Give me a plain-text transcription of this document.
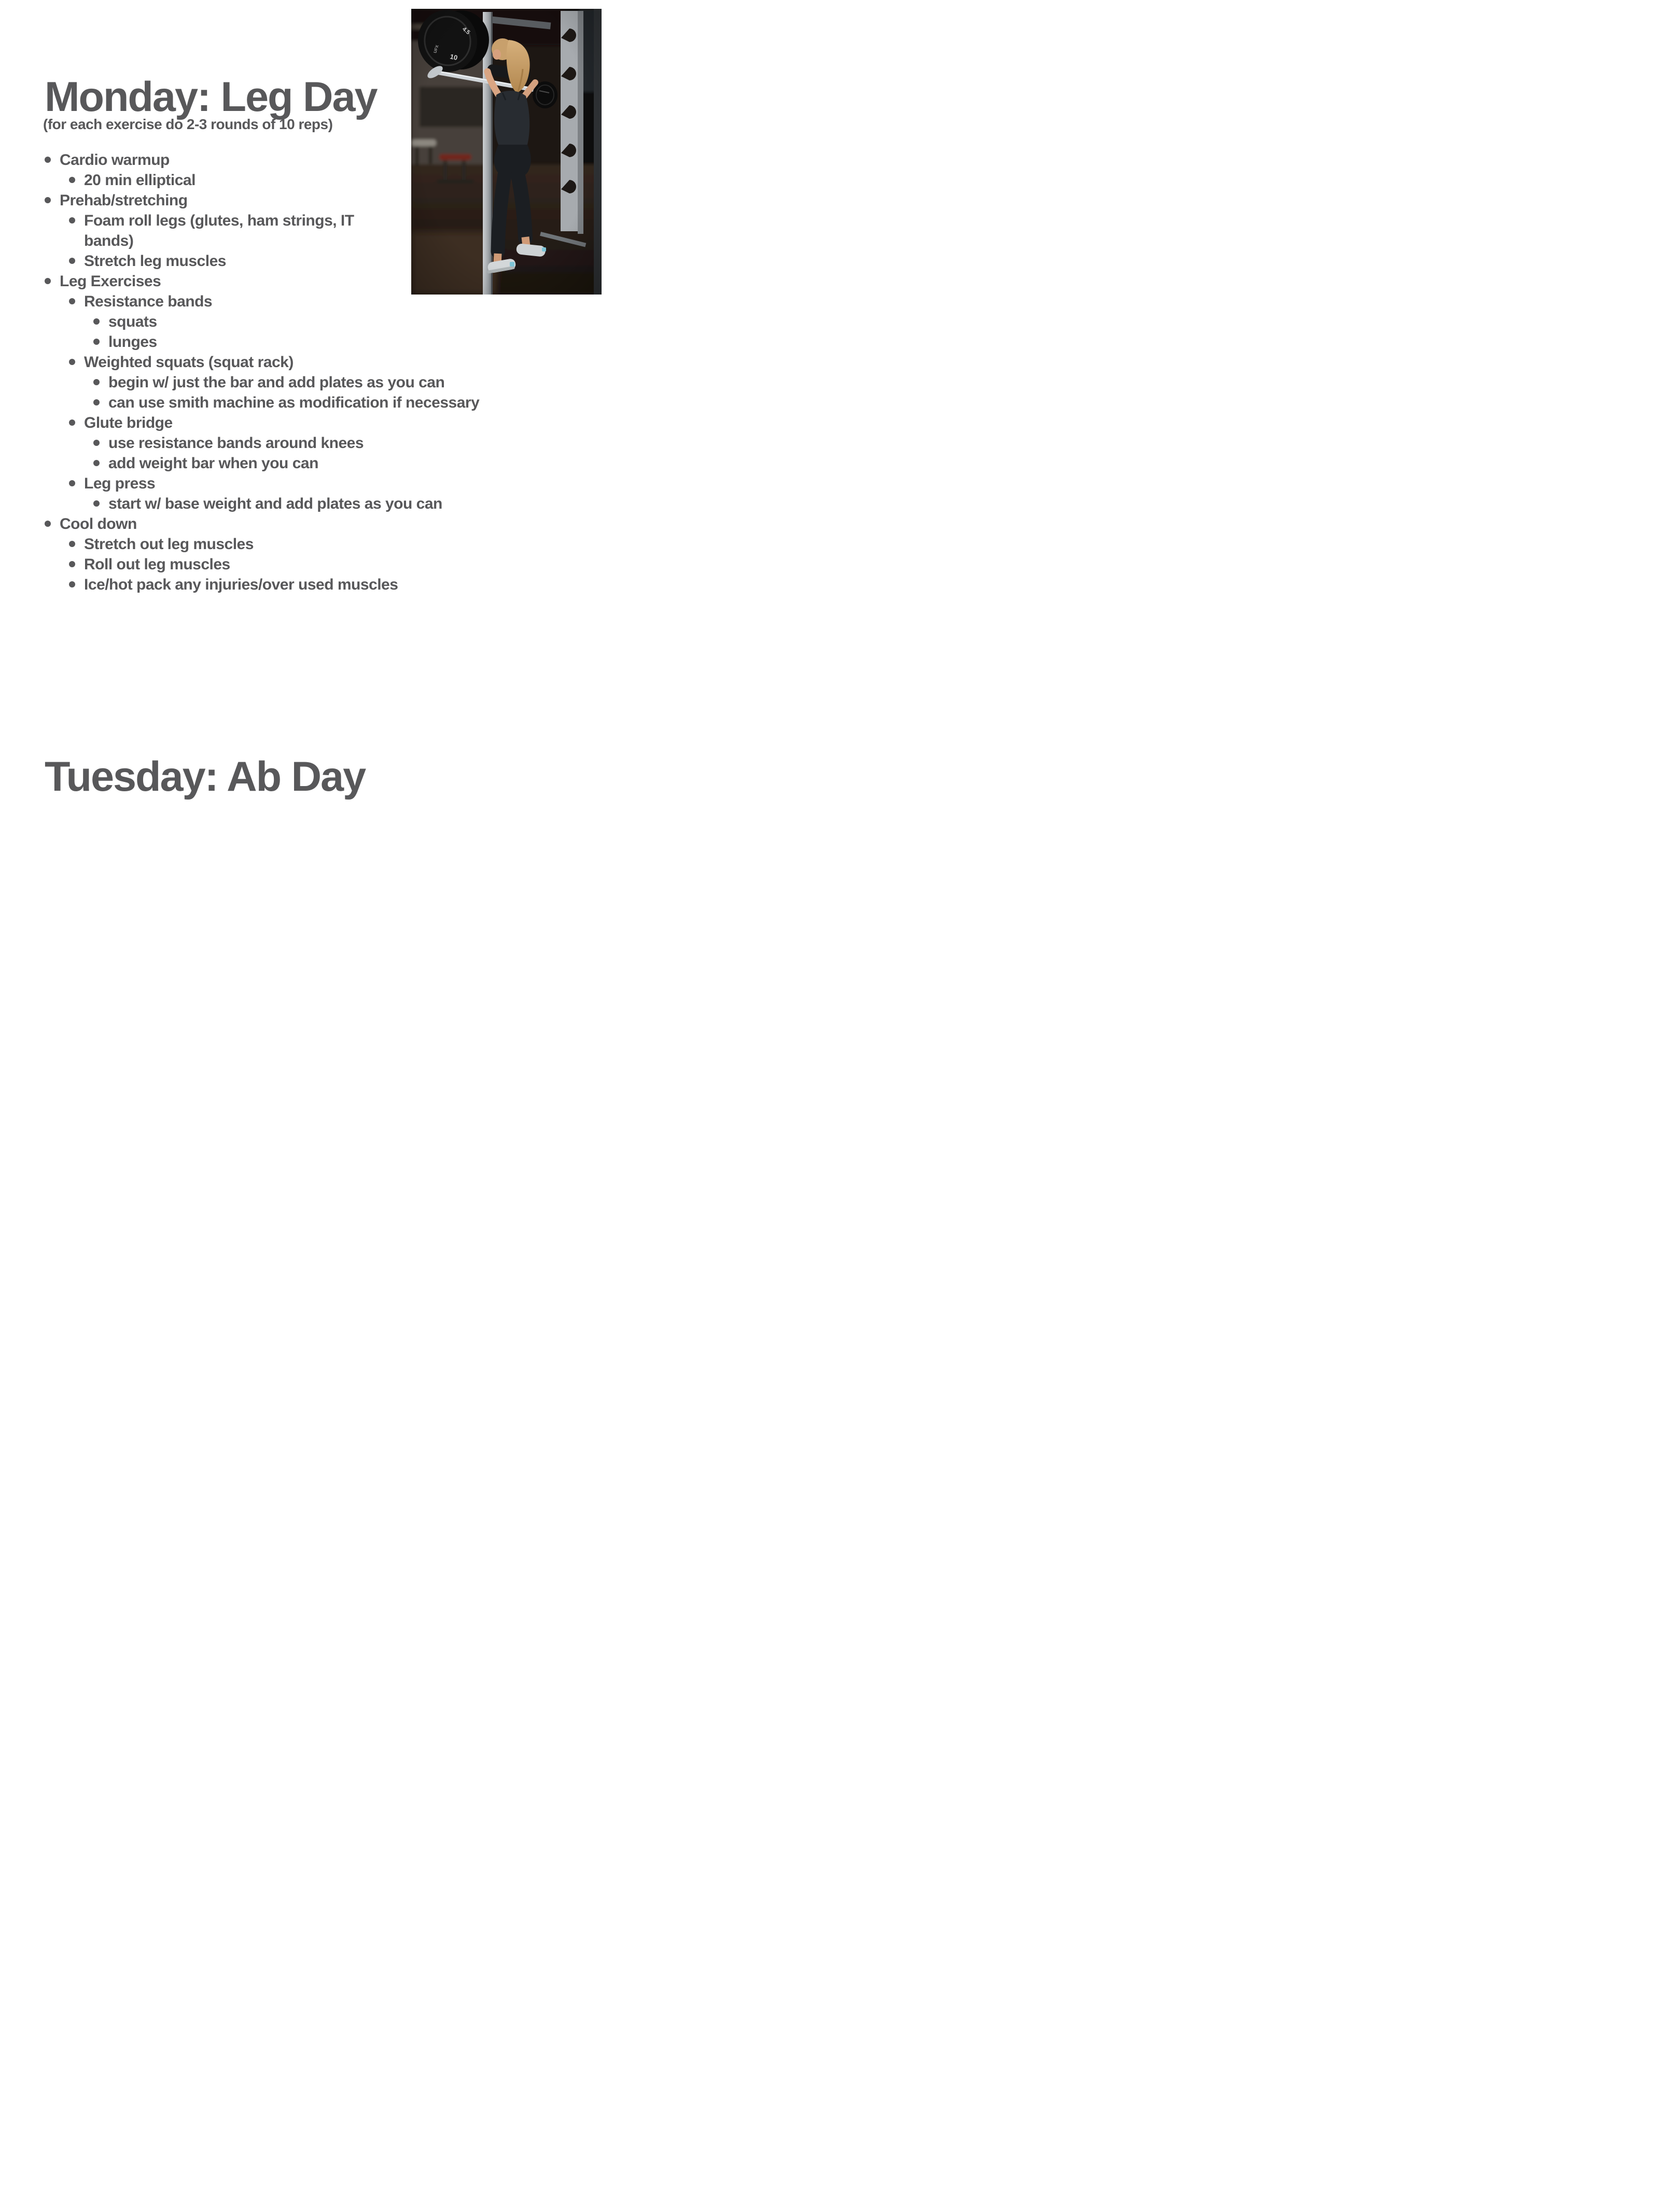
Monday: Leg Day
(for each exercise do 2-3 rounds of 10 reps)
Cardio warmup
20 min elliptical
Prehab/stretching
Foam roll legs (glutes, ham strings, IT
bands)
Stretch leg muscles
Leg Exercises
Resistance bands
squats
lunges
Weighted squats (squat rack)
begin w/ just the bar and add plates as you can
can use smith machine as modification if necessary
Glute bridge
use resistance bands around knees
add weight bar when you can
Leg press
start w/ base weight and add plates as you can
Cool down
Stretch out leg muscles
Roll out leg muscles
Ice/hot pack any injuries/over used muscles
Tuesday: Ab Day
